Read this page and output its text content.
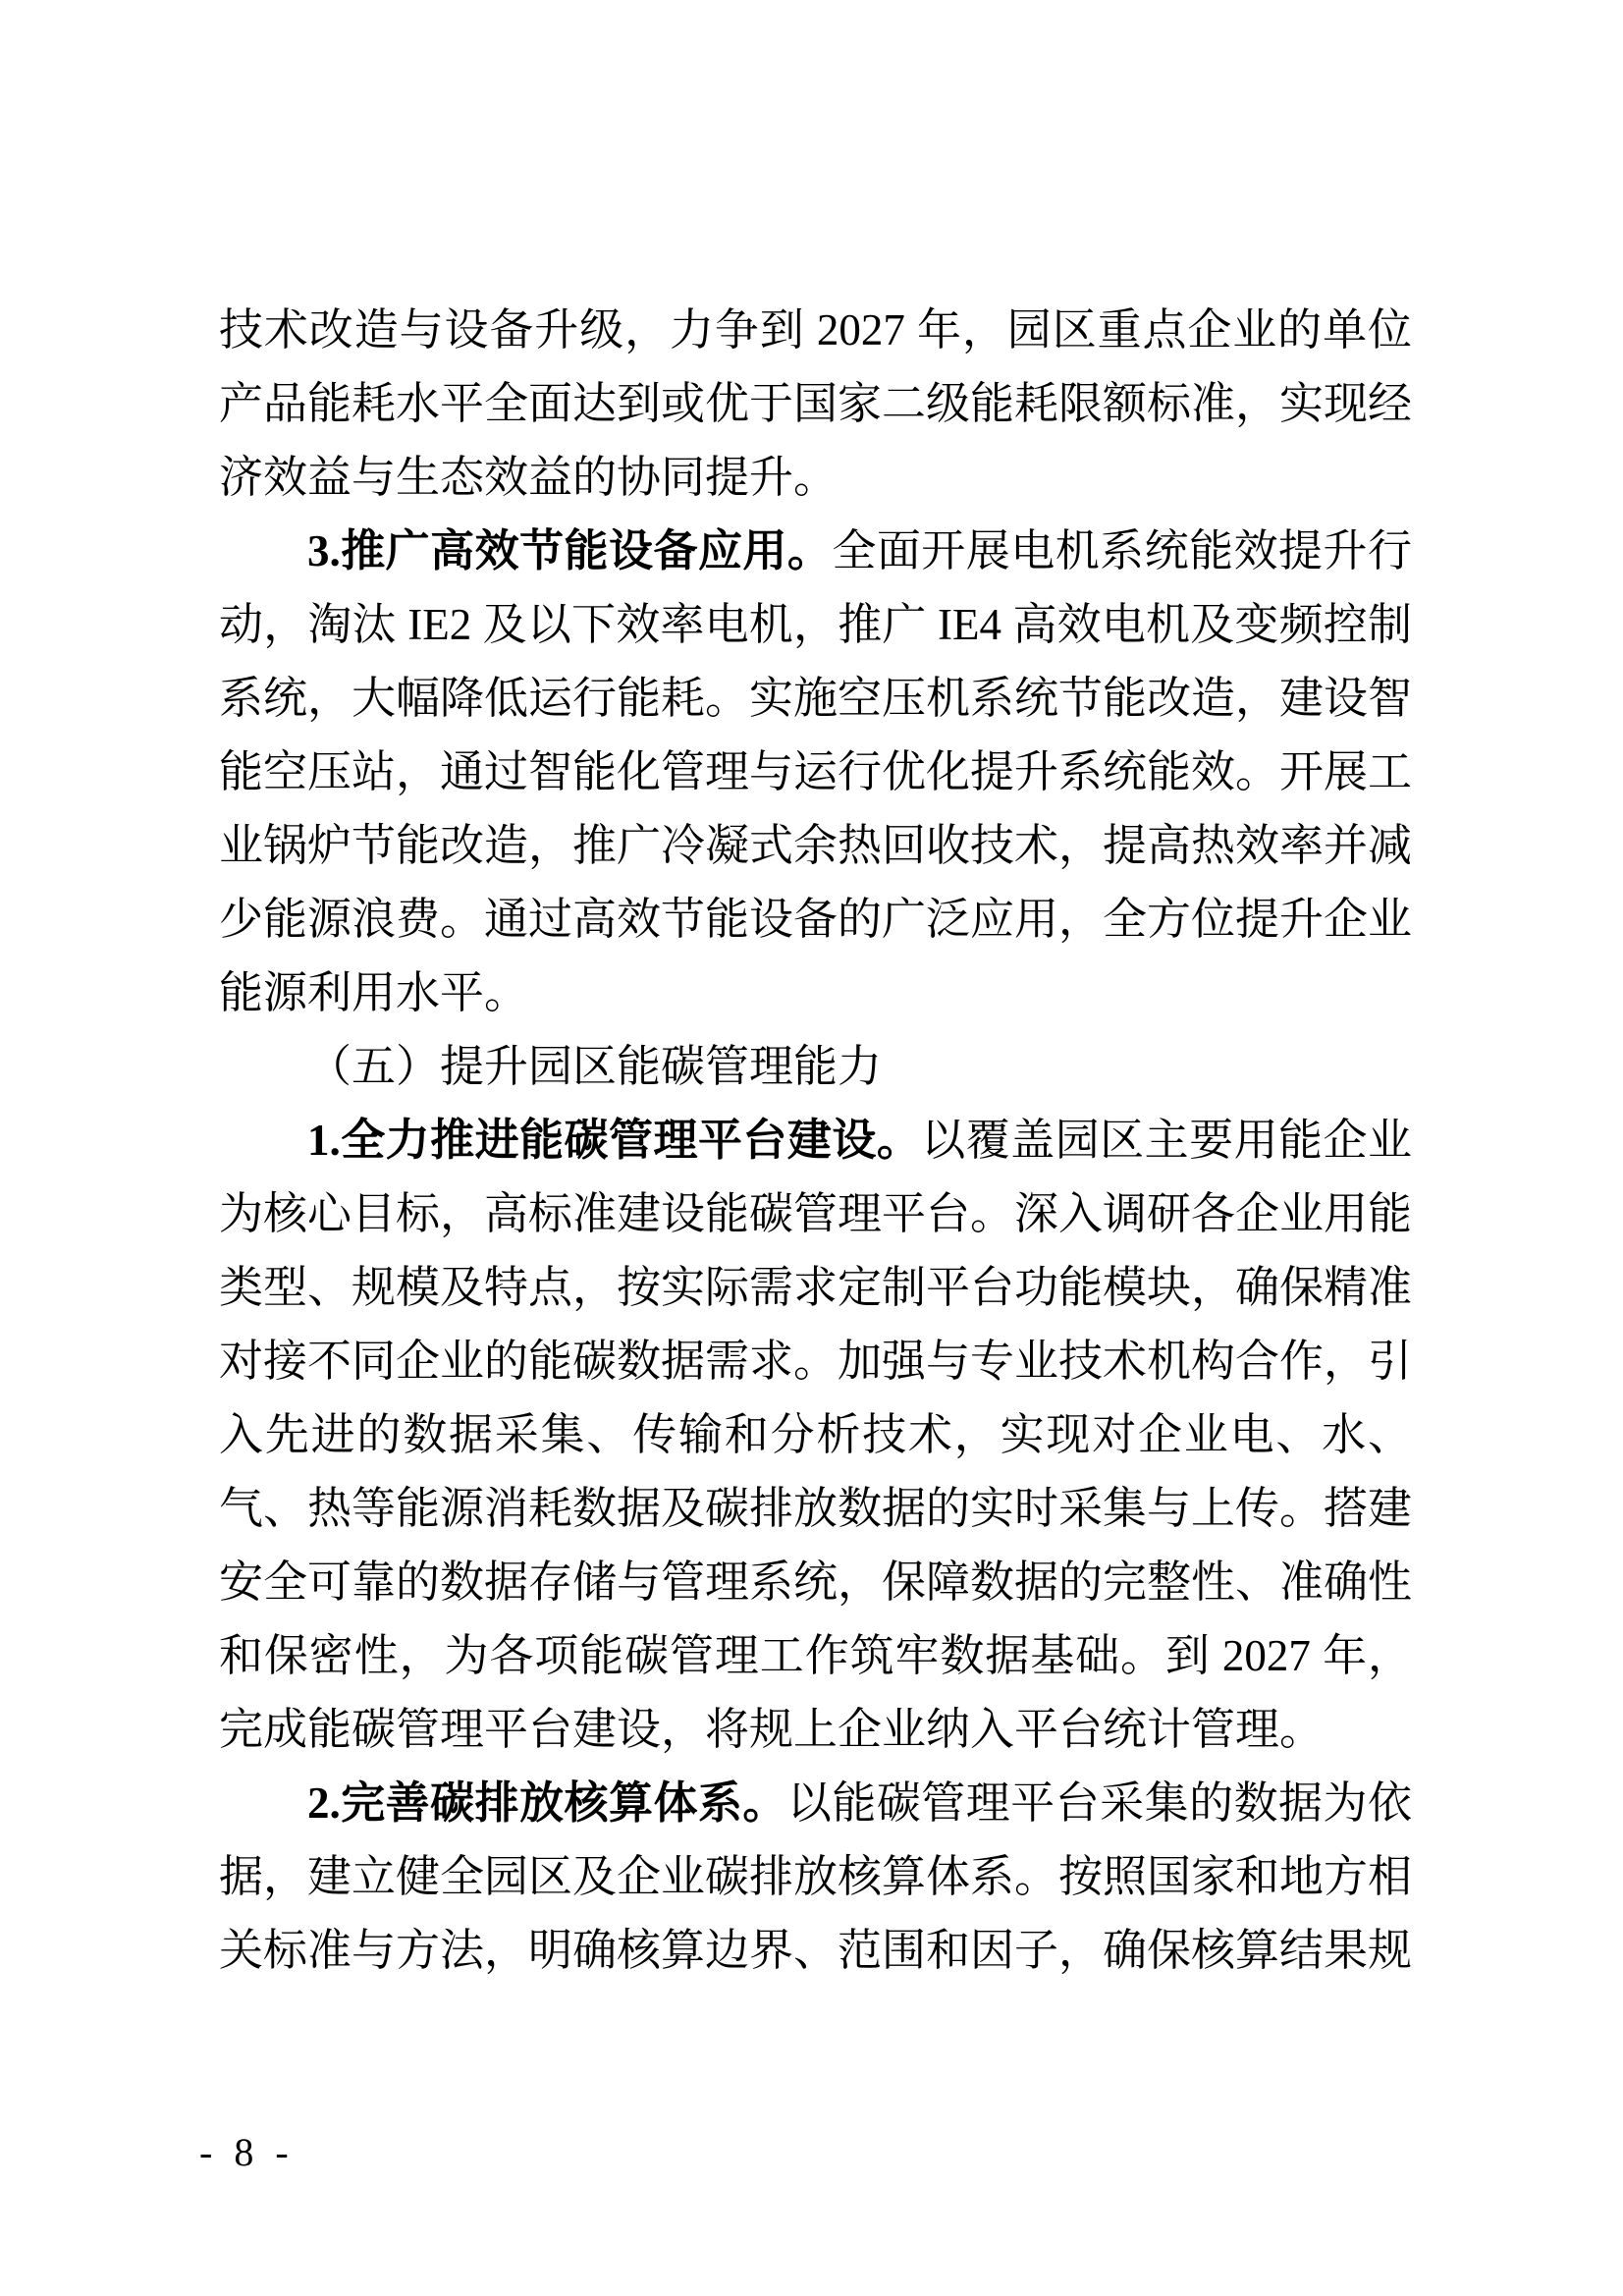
技术改造与设备升级，力争到 2027 年，园区重点企业的单位产品能耗水平全面达到或优于国家二级能耗限额标准，实现经济效益与生态效益的协同提升。

3.推广高效节能设备应用。全面开展电机系统能效提升行动，淘汰 IE2 及以下效率电机，推广 IE4 高效电机及变频控制系统，大幅降低运行能耗。实施空压机系统节能改造，建设智能空压站，通过智能化管理与运行优化提升系统能效。开展工业锅炉节能改造，推广冷凝式余热回收技术，提高热效率并减少能源浪费。通过高效节能设备的广泛应用，全方位提升企业能源利用水平。

（五）提升园区能碳管理能力

1.全力推进能碳管理平台建设。以覆盖园区主要用能企业为核心目标，高标准建设能碳管理平台。深入调研各企业用能类型、规模及特点，按实际需求定制平台功能模块，确保精准对接不同企业的能碳数据需求。加强与专业技术机构合作，引入先进的数据采集、传输和分析技术，实现对企业电、水、气、热等能源消耗数据及碳排放数据的实时采集与上传。搭建安全可靠的数据存储与管理系统，保障数据的完整性、准确性和保密性，为各项能碳管理工作筑牢数据基础。到 2027 年，完成能碳管理平台建设，将规上企业纳入平台统计管理。

2.完善碳排放核算体系。以能碳管理平台采集的数据为依据，建立健全园区及企业碳排放核算体系。按照国家和地方相关标准与方法，明确核算边界、范围和因子，确保核算结果规

- 8 -
